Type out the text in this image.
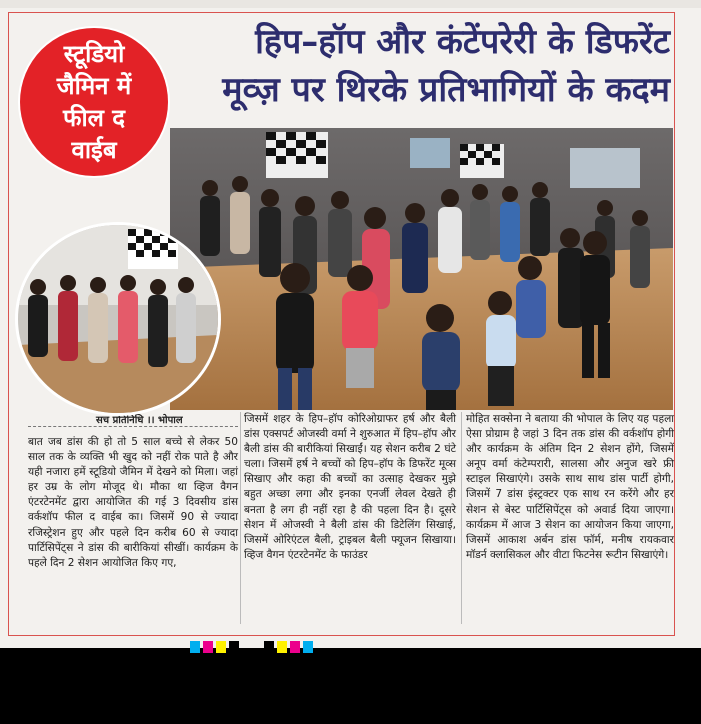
हिप–हॉप और कंटेंपरेरी के डिफरेंट
मूव्ज़ पर थिरके प्रतिभागियों के कदम
स्टूडियो
जैमिन में
फील द
वाईब
सच प्रतिनिधि ।। भोपाल

बात जब डांस की हो तो 5 साल बच्चे से लेकर 50 साल तक के व्यक्ति भी खुद को नहीं रोक पाते है और यही नजारा हमें स्टूडियो जैमिन में देखने को मिला। जहां हर उम्र के लोग मोजूद थे। मौका था व्हिज वैगन एंटरटेनमेंट द्वारा आयोजित की गई 3 दिवसीय डांस वर्कशॉप फील द वाईब का। जिसमें 90 से ज्यादा रजिस्ट्रेशन हुए और पहले दिन करीब 60 से ज्यादा पार्टिसिपेंट्स ने डांस की बारीकियां सीखीं। कार्यक्रम के पहले दिन 2 सेशन आयोजित किए गए,

जिसमें शहर के हिप–हॉप कोरिओग्राफर हर्ष और बैली डांस एक्सपर्ट ओजस्वी वर्मा ने शुरुआत में हिप–हॉप और बैली डांस की बारीकियां सिखाईं। यह सेशन करीब 2 घंटे चला। जिसमें हर्ष ने बच्चों को हिप–हॉप के डिफरेंट मूव्स सिखाए और कहा की बच्चों का उत्साह देखकर मुझे बहुत अच्छा लगा और इनका एनर्जी लेवल देखते ही बनता है लग ही नहीं रहा है की पहला दिन है। दूसरे सेशन में ओजस्वी ने बैली डांस की डिटेलिंग सिखाई, जिसमें ओरिएंटल बैली, ट्राइबल बैली फ्यूजन सिखाया। व्हिज वैगन एंटरटेनमेंट के फाउंडर

मोहित सक्सेना ने बताया की भोपाल के लिए यह पहला ऐसा प्रोग्राम है जहां 3 दिन तक डांस की वर्कशॉप होगी और कार्यक्रम के अंतिम दिन 2 सेशन होंगे, जिसमें अनूप वर्मा कंटेम्परारी, सालसा और अनुज खरे फ्री स्टाइल सिखाएंगे। उसके साथ साथ डांस पार्टी होगी, जिसमें 7 डांस इंस्ट्रक्टर एक साथ रन करेंगे और हर सेशन से बेस्ट पार्टिसिपेंट्स को अवार्ड दिया जाएगा। कार्यक्रम में आज 3 सेशन का आयोजन किया जाएगा, जिसमें आकाश अर्बन डांस फॉर्म, मनीष रायकवार मॉडर्न क्लासिकल और वीटा फिटनेस रूटीन सिखाएंगे।
